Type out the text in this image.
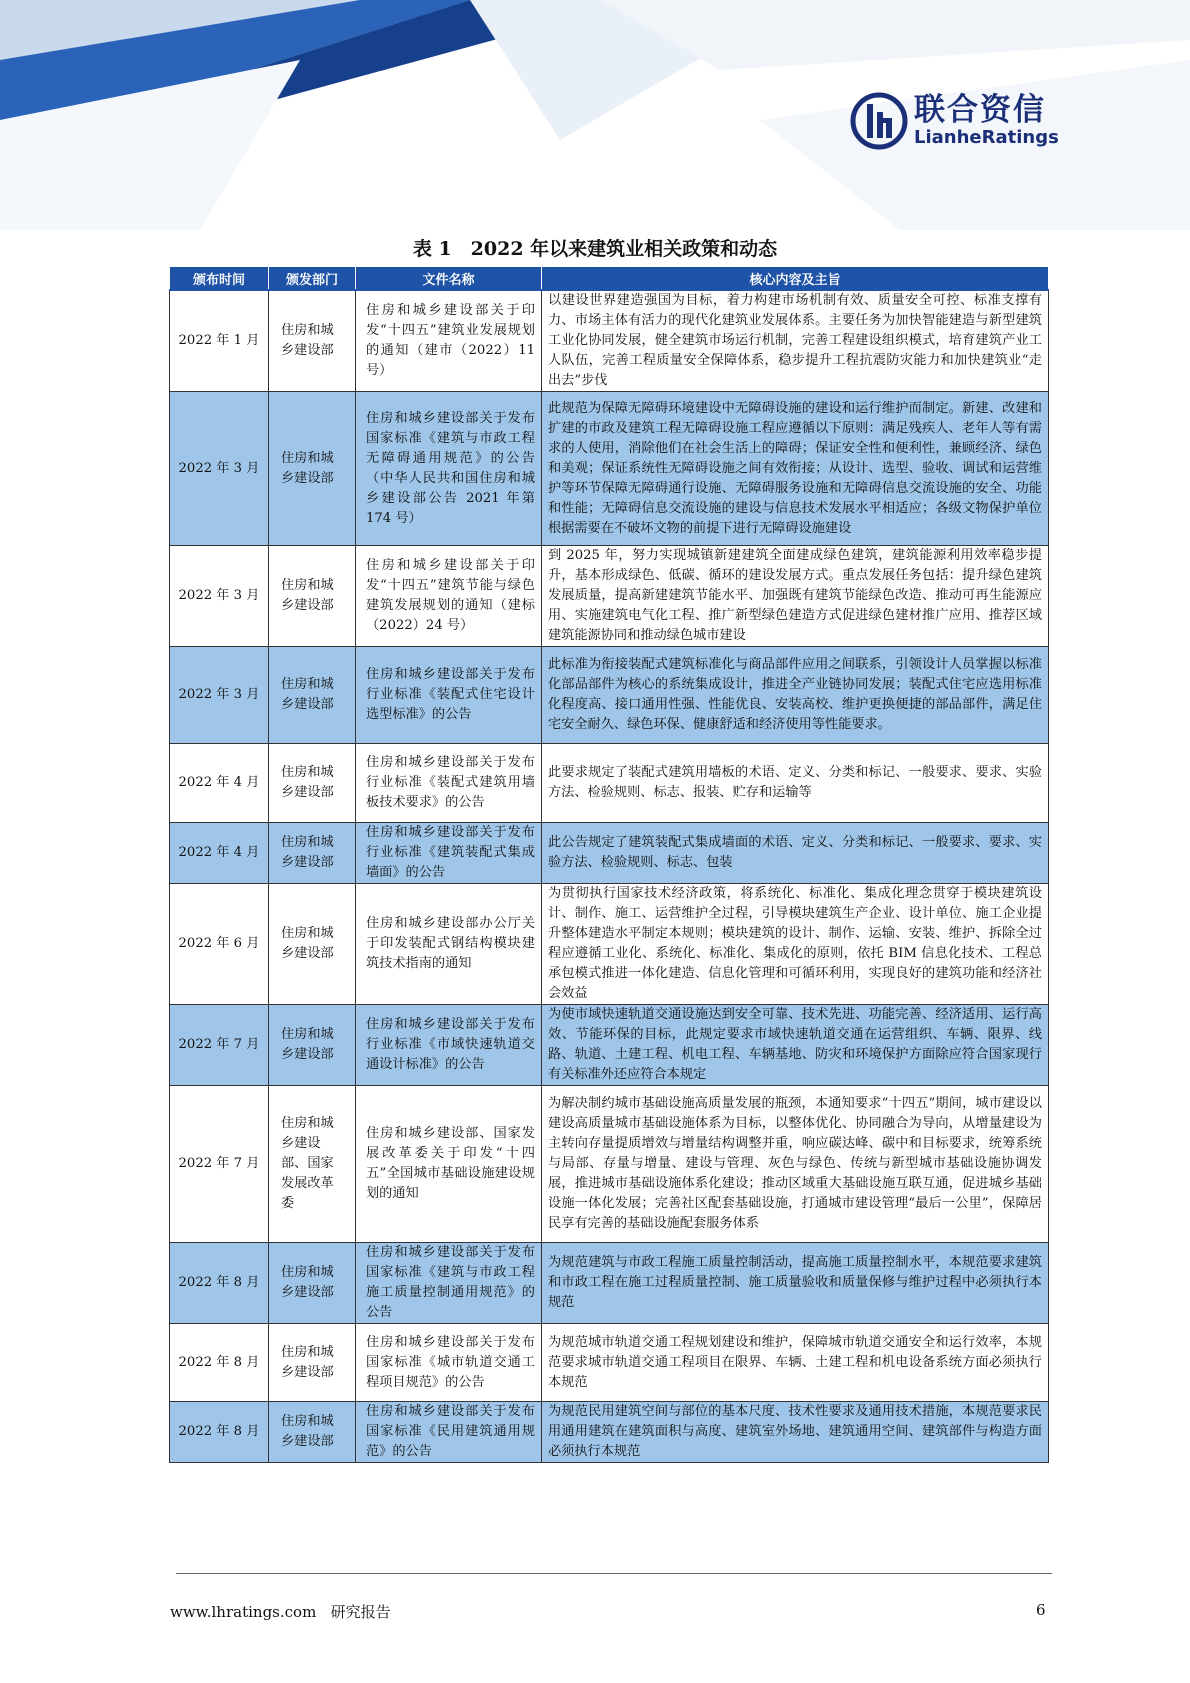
联合资信
LianheRatings
表 1　2022 年以来建筑业相关政策和动态
颁布时间	颁发部门	文件名称	核心内容及主旨
2022 年 1 月	住房和城乡建设部	住房和城乡建设部关于印发“十四五”建筑业发展规划的通知（建市（2022）11 号）	以建设世界建造强国为目标，着力构建市场机制有效、质量安全可控、标准支撑有力、市场主体有活力的现代化建筑业发展体系。主要任务为加快智能建造与新型建筑工业化协同发展，健全建筑市场运行机制，完善工程建设组织模式，培育建筑产业工人队伍，完善工程质量安全保障体系，稳步提升工程抗震防灾能力和加快建筑业“走出去”步伐
2022 年 3 月	住房和城乡建设部	住房和城乡建设部关于发布国家标准《建筑与市政工程无障碍通用规范》的公告（中华人民共和国住房和城乡建设部公告 2021 年第 174 号）	此规范为保障无障碍环境建设中无障碍设施的建设和运行维护而制定。新建、改建和扩建的市政及建筑工程无障碍设施工程应遵循以下原则：满足残疾人、老年人等有需求的人使用，消除他们在社会生活上的障碍；保证安全性和便利性，兼顾经济、绿色和美观；保证系统性无障碍设施之间有效衔接；从设计、选型、验收、调试和运营维护等环节保障无障碍通行设施、无障碍服务设施和无障碍信息交流设施的安全、功能和性能；无障碍信息交流设施的建设与信息技术发展水平相适应；各级文物保护单位根据需要在不破坏文物的前提下进行无障碍设施建设
2022 年 3 月	住房和城乡建设部	住房和城乡建设部关于印发“十四五”建筑节能与绿色建筑发展规划的通知（建标（2022）24 号）	到 2025 年，努力实现城镇新建建筑全面建成绿色建筑，建筑能源利用效率稳步提升，基本形成绿色、低碳、循环的建设发展方式。重点发展任务包括：提升绿色建筑发展质量，提高新建建筑节能水平、加强既有建筑节能绿色改造、推动可再生能源应用、实施建筑电气化工程、推广新型绿色建造方式促进绿色建材推广应用、推荐区域建筑能源协同和推动绿色城市建设
2022 年 3 月	住房和城乡建设部	住房和城乡建设部关于发布行业标准《装配式住宅设计选型标准》的公告	此标准为衔接装配式建筑标准化与商品部件应用之间联系，引领设计人员掌握以标准化部品部件为核心的系统集成设计，推进全产业链协同发展；装配式住宅应选用标准化程度高、接口通用性强、性能优良、安装高校、维护更换便捷的部品部件，满足住宅安全耐久、绿色环保、健康舒适和经济使用等性能要求。
2022 年 4 月	住房和城乡建设部	住房和城乡建设部关于发布行业标准《装配式建筑用墙板技术要求》的公告	此要求规定了装配式建筑用墙板的术语、定义、分类和标记、一般要求、要求、实验方法、检验规则、标志、报装、贮存和运输等
2022 年 4 月	住房和城乡建设部	住房和城乡建设部关于发布行业标准《建筑装配式集成墙面》的公告	此公告规定了建筑装配式集成墙面的术语、定义、分类和标记、一般要求、要求、实验方法、检验规则、标志、包装
2022 年 6 月	住房和城乡建设部	住房和城乡建设部办公厅关于印发装配式钢结构模块建筑技术指南的通知	为贯彻执行国家技术经济政策，将系统化、标准化、集成化理念贯穿于模块建筑设计、制作、施工、运营维护全过程，引导模块建筑生产企业、设计单位、施工企业提升整体建造水平制定本规则；模块建筑的设计、制作、运输、安装、维护、拆除全过程应遵循工业化、系统化、标准化、集成化的原则，依托 BIM 信息化技术、工程总承包模式推进一体化建造、信息化管理和可循环利用，实现良好的建筑功能和经济社会效益
2022 年 7 月	住房和城乡建设部	住房和城乡建设部关于发布行业标准《市域快速轨道交通设计标准》的公告	为使市域快速轨道交通设施达到安全可靠、技术先进、功能完善、经济适用、运行高效、节能环保的目标，此规定要求市域快速轨道交通在运营组织、车辆、限界、线路、轨道、土建工程、机电工程、车辆基地、防灾和环境保护方面除应符合国家现行有关标准外还应符合本规定
2022 年 7 月	住房和城乡建设部、国家发展改革委	住房和城乡建设部、国家发展改革委关于印发“十四五”全国城市基础设施建设规划的通知	为解决制约城市基础设施高质量发展的瓶颈，本通知要求“十四五”期间，城市建设以建设高质量城市基础设施体系为目标，以整体优化、协同融合为导向，从增量建设为主转向存量提质增效与增量结构调整并重，响应碳达峰、碳中和目标要求，统筹系统与局部、存量与增量、建设与管理、灰色与绿色、传统与新型城市基础设施协调发展，推进城市基础设施体系化建设；推动区域重大基础设施互联互通，促进城乡基础设施一体化发展；完善社区配套基础设施，打通城市建设管理“最后一公里”，保障居民享有完善的基础设施配套服务体系
2022 年 8 月	住房和城乡建设部	住房和城乡建设部关于发布国家标准《建筑与市政工程施工质量控制通用规范》的公告	为规范建筑与市政工程施工质量控制活动，提高施工质量控制水平，本规范要求建筑和市政工程在施工过程质量控制、施工质量验收和质量保修与维护过程中必须执行本规范
2022 年 8 月	住房和城乡建设部	住房和城乡建设部关于发布国家标准《城市轨道交通工程项目规范》的公告	为规范城市轨道交通工程规划建设和维护，保障城市轨道交通安全和运行效率，本规范要求城市轨道交通工程项目在限界、车辆、土建工程和机电设备系统方面必须执行本规范
2022 年 8 月	住房和城乡建设部	住房和城乡建设部关于发布国家标准《民用建筑通用规范》的公告	为规范民用建筑空间与部位的基本尺度、技术性要求及通用技术措施，本规范要求民用通用建筑在建筑面积与高度、建筑室外场地、建筑通用空间、建筑部件与构造方面必须执行本规范
www.lhratings.com 研究报告	6
